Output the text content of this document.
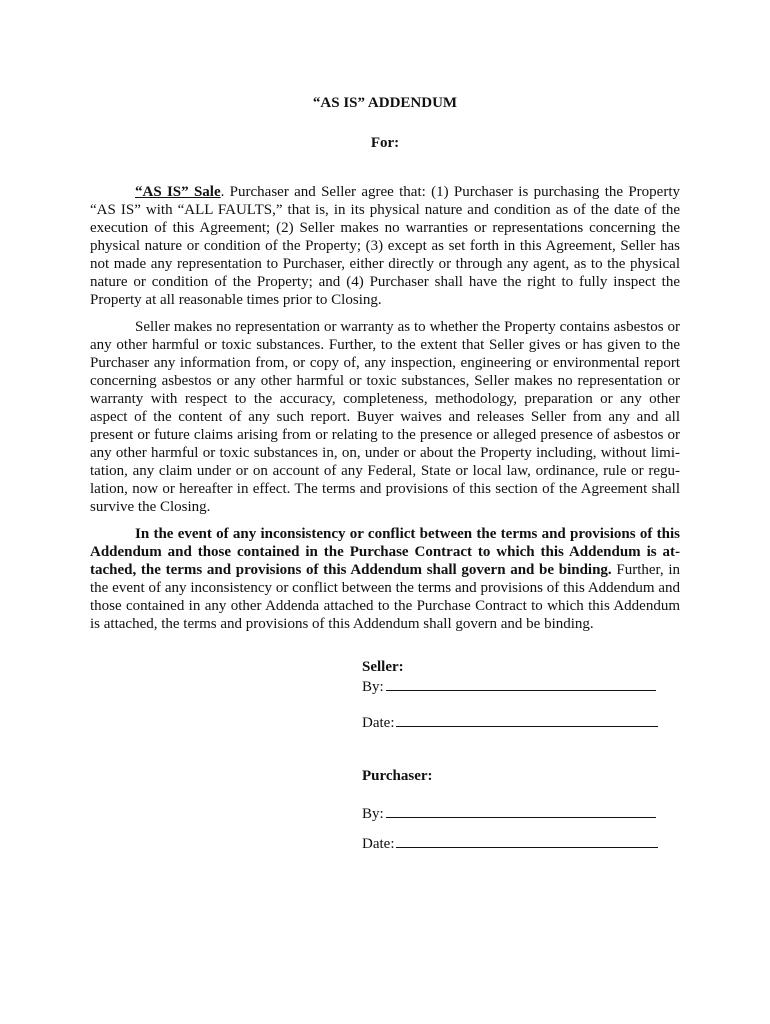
“AS IS” ADDENDUM

For:

“AS IS” Sale. Purchaser and Seller agree that: (1) Purchaser is purchasing the Property “AS IS” with “ALL FAULTS,” that is, in its physical nature and condition as of the date of the execution of this Agreement; (2) Seller makes no warranties or representations concerning the physical nature or condition of the Property; (3) except as set forth in this Agreement, Seller has not made any representation to Purchaser, either directly or through any agent, as to the physical nature or condition of the Property; and (4) Purchaser shall have the right to fully inspect the Property at all reasonable times prior to Closing.

Seller makes no representation or warranty as to whether the Property contains asbestos or any other harmful or toxic substances. Further, to the extent that Seller gives or has given to the Purchaser any information from, or copy of, any inspection, engineering or environmental report concerning asbestos or any other harmful or toxic substances, Seller makes no representation or warranty with respect to the accuracy, completeness, methodology, preparation or any other aspect of the content of any such report. Buyer waives and releases Seller from any and all present or future claims arising from or relating to the presence or alleged presence of asbestos or any other harmful or toxic substances in, on, under or about the Property including, without limitation, any claim under or on account of any Federal, State or local law, ordinance, rule or regulation, now or hereafter in effect. The terms and provisions of this section of the Agreement shall survive the Closing.

In the event of any inconsistency or conflict between the terms and provisions of this Addendum and those contained in the Purchase Contract to which this Addendum is attached, the terms and provisions of this Addendum shall govern and be binding. Further, in the event of any inconsistency or conflict between the terms and provisions of this Addendum and those contained in any other Addenda attached to the Purchase Contract to which this Addendum is attached, the terms and provisions of this Addendum shall govern and be binding.

Seller:

By:

Date:

Purchaser:

By:

Date:
